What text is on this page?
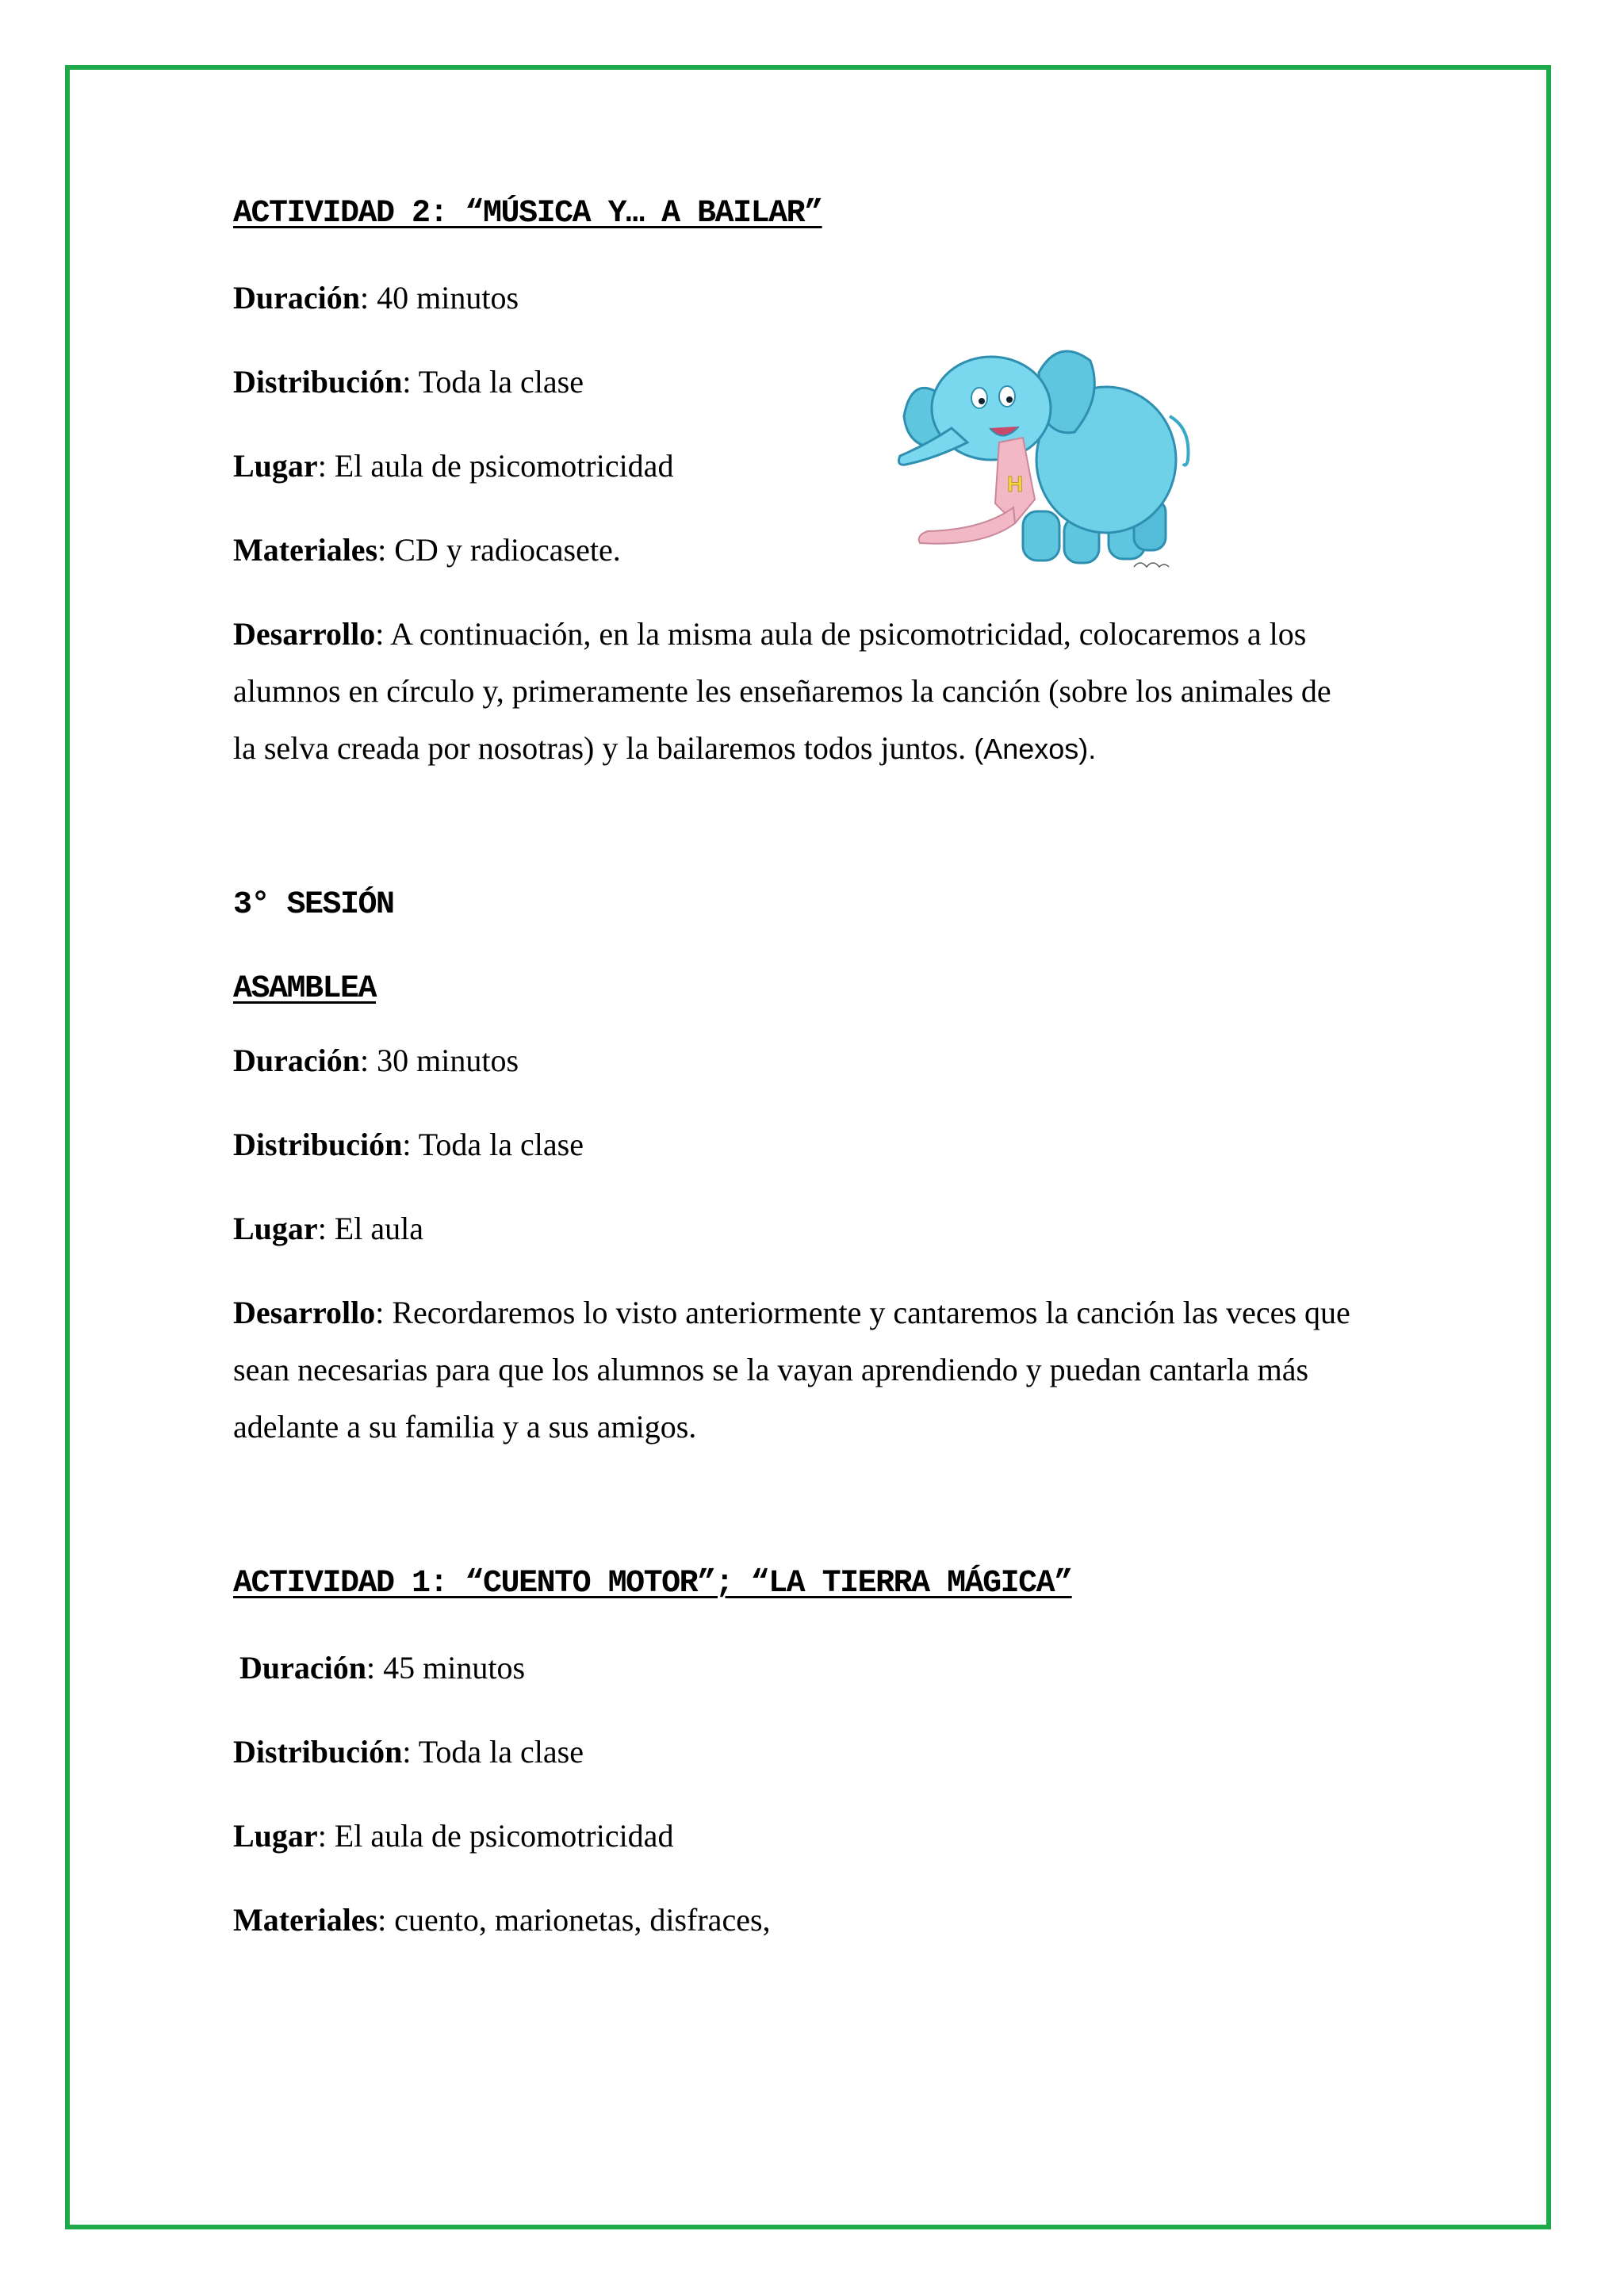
ACTIVIDAD 2: “MÚSICA Y… A BAILAR”
Duración: 40 minutos
Distribución: Toda la clase
Lugar: El aula de psicomotricidad
Materiales: CD y radiocasete.
Desarrollo: A continuación, en la misma aula de psicomotricidad, colocaremos a los
alumnos en círculo y, primeramente les enseñaremos la canción (sobre los animales de
la selva creada por nosotras) y la bailaremos todos juntos. (Anexos).
3° SESIÓN
ASAMBLEA
Duración: 30 minutos
Distribución: Toda la clase
Lugar: El aula
Desarrollo: Recordaremos lo visto anteriormente y cantaremos la canción las veces que
sean necesarias para que los alumnos se la vayan aprendiendo y puedan cantarla más
adelante a su familia y a sus amigos.
ACTIVIDAD 1: “CUENTO MOTOR”; “LA TIERRA MÁGICA”
Duración: 45 minutos
Distribución: Toda la clase
Lugar: El aula de psicomotricidad
Materiales: cuento, marionetas, disfraces,
H
